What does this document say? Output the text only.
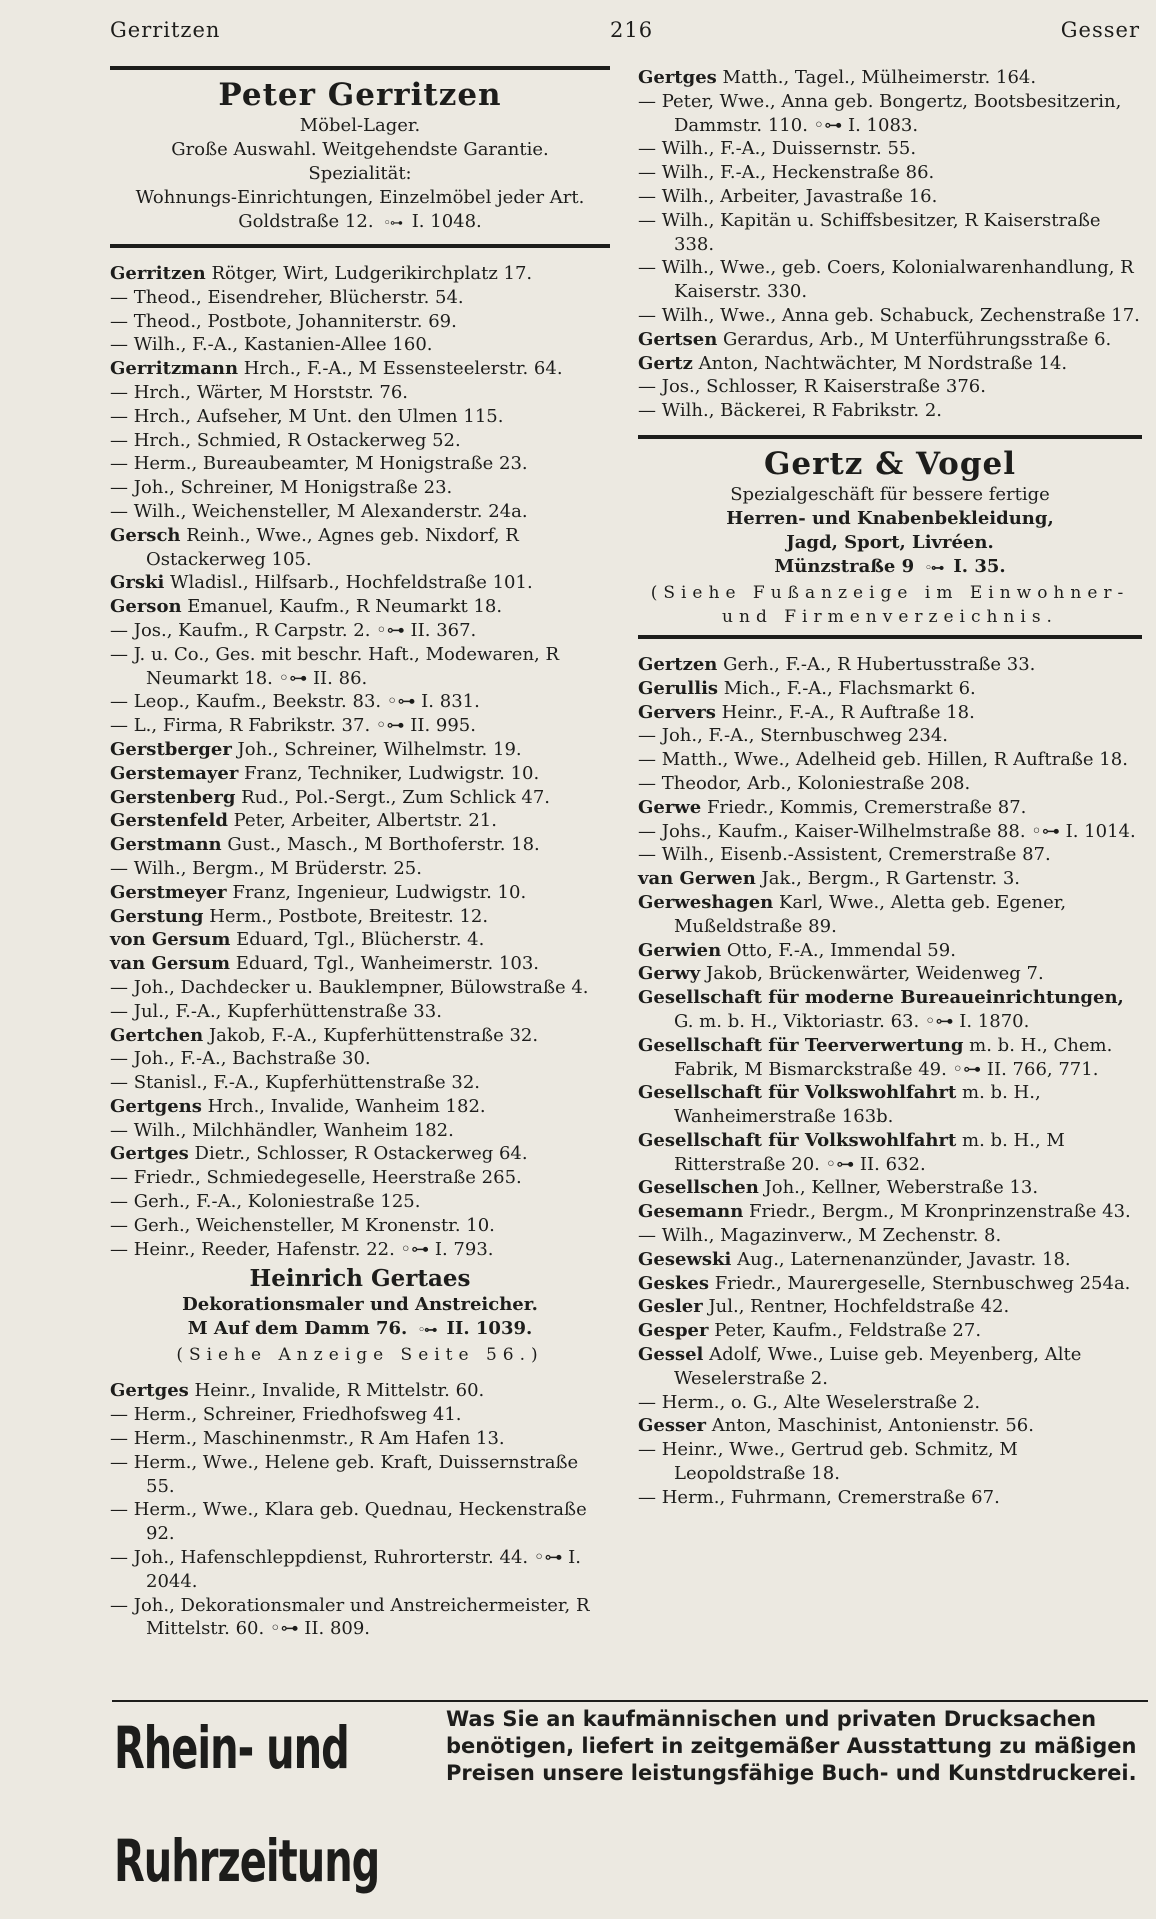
Gerritzen	216	Gesser
Peter Gerritzen
Möbel-Lager.
Große Auswahl. Weitgehendste Garantie.
Spezialität:
Wohnungs-Einrichtungen, Einzelmöbel jeder Art.
Goldstraße 12. ◦⊶ I. 1048.

Gerritzen Rötger, Wirt, Ludgerikirchplatz 17.

— Theod., Eisendreher, Blücherstr. 54.

— Theod., Postbote, Johanniterstr. 69.

— Wilh., F.-A., Kastanien-Allee 160.

Gerritzmann Hrch., F.-A., M Essensteelerstr. 64.

— Hrch., Wärter, M Horststr. 76.

— Hrch., Aufseher, M Unt. den Ulmen 115.

— Hrch., Schmied, R Ostackerweg 52.

— Herm., Bureaubeamter, M Honigstraße 23.

— Joh., Schreiner, M Honigstraße 23.

— Wilh., Weichensteller, M Alexanderstr. 24a.

Gersch Reinh., Wwe., Agnes geb. Nixdorf, R Ostackerweg 105.

Grski Wladisl., Hilfsarb., Hochfeldstraße 101.

Gerson Emanuel, Kaufm., R Neumarkt 18.

— Jos., Kaufm., R Carpstr. 2. ◦⊶ II. 367.

— J. u. Co., Ges. mit beschr. Haft., Modewaren, R Neumarkt 18. ◦⊶ II. 86.

— Leop., Kaufm., Beekstr. 83. ◦⊶ I. 831.

— L., Firma, R Fabrikstr. 37. ◦⊶ II. 995.

Gerstberger Joh., Schreiner, Wilhelmstr. 19.

Gerstemayer Franz, Techniker, Ludwigstr. 10.

Gerstenberg Rud., Pol.-Sergt., Zum Schlick 47.

Gerstenfeld Peter, Arbeiter, Albertstr. 21.

Gerstmann Gust., Masch., M Borthoferstr. 18.

— Wilh., Bergm., M Brüderstr. 25.

Gerstmeyer Franz, Ingenieur, Ludwigstr. 10.

Gerstung Herm., Postbote, Breitestr. 12.

von Gersum Eduard, Tgl., Blücherstr. 4.

van Gersum Eduard, Tgl., Wanheimerstr. 103.

— Joh., Dachdecker u. Bauklempner, Bülowstraße 4.

— Jul., F.-A., Kupferhüttenstraße 33.

Gertchen Jakob, F.-A., Kupferhüttenstraße 32.

— Joh., F.-A., Bachstraße 30.

— Stanisl., F.-A., Kupferhüttenstraße 32.

Gertgens Hrch., Invalide, Wanheim 182.

— Wilh., Milchhändler, Wanheim 182.

Gertges Dietr., Schlosser, R Ostackerweg 64.

— Friedr., Schmiedegeselle, Heerstraße 265.

— Gerh., F.-A., Koloniestraße 125.

— Gerh., Weichensteller, M Kronenstr. 10.

— Heinr., Reeder, Hafenstr. 22. ◦⊶ I. 793.

Heinrich Gertaes
Dekorationsmaler und Anstreicher.
M Auf dem Damm 76. ◦⊶ II. 1039.
(Siehe Anzeige Seite 56.)

Gertges Heinr., Invalide, R Mittelstr. 60.

— Herm., Schreiner, Friedhofsweg 41.

— Herm., Maschinenmstr., R Am Hafen 13.

— Herm., Wwe., Helene geb. Kraft, Duissernstraße 55.

— Herm., Wwe., Klara geb. Quednau, Heckenstraße 92.

— Joh., Hafenschleppdienst, Ruhrorterstr. 44. ◦⊶ I. 2044.

— Joh., Dekorationsmaler und Anstreichermeister, R Mittelstr. 60. ◦⊶ II. 809.

Gertges Matth., Tagel., Mülheimerstr. 164.

— Peter, Wwe., Anna geb. Bongertz, Bootsbesitzerin, Dammstr. 110. ◦⊶ I. 1083.

— Wilh., F.-A., Duissernstr. 55.

— Wilh., F.-A., Heckenstraße 86.

— Wilh., Arbeiter, Javastraße 16.

— Wilh., Kapitän u. Schiffsbesitzer, R Kaiserstraße 338.

— Wilh., Wwe., geb. Coers, Kolonialwarenhandlung, R Kaiserstr. 330.

— Wilh., Wwe., Anna geb. Schabuck, Zechenstraße 17.

Gertsen Gerardus, Arb., M Unterführungsstraße 6.

Gertz Anton, Nachtwächter, M Nordstraße 14.

— Jos., Schlosser, R Kaiserstraße 376.

— Wilh., Bäckerei, R Fabrikstr. 2.

Gertz & Vogel
Spezialgeschäft für bessere fertige
Herren- und Knabenbekleidung,
Jagd, Sport, Livréen.
Münzstraße 9 ◦⊶ I. 35.
(Siehe Fußanzeige im Einwohner-
und Firmenverzeichnis.

Gertzen Gerh., F.-A., R Hubertusstraße 33.

Gerullis Mich., F.-A., Flachsmarkt 6.

Gervers Heinr., F.-A., R Auftraße 18.

— Joh., F.-A., Sternbuschweg 234.

— Matth., Wwe., Adelheid geb. Hillen, R Auftraße 18.

— Theodor, Arb., Koloniestraße 208.

Gerwe Friedr., Kommis, Cremerstraße 87.

— Johs., Kaufm., Kaiser-Wilhelmstraße 88. ◦⊶ I. 1014.

— Wilh., Eisenb.-Assistent, Cremerstraße 87.

van Gerwen Jak., Bergm., R Gartenstr. 3.

Gerweshagen Karl, Wwe., Aletta geb. Egener, Mußeldstraße 89.

Gerwien Otto, F.-A., Immendal 59.

Gerwy Jakob, Brückenwärter, Weidenweg 7.

Gesellschaft für moderne Bureaueinrichtungen, G. m. b. H., Viktoriastr. 63. ◦⊶ I. 1870.

Gesellschaft für Teerverwertung m. b. H., Chem. Fabrik, M Bismarckstraße 49. ◦⊶ II. 766, 771.

Gesellschaft für Volkswohlfahrt m. b. H., Wanheimerstraße 163b.

Gesellschaft für Volkswohlfahrt m. b. H., M Ritterstraße 20. ◦⊶ II. 632.

Gesellschen Joh., Kellner, Weberstraße 13.

Gesemann Friedr., Bergm., M Kronprinzenstraße 43.

— Wilh., Magazinverw., M Zechenstr. 8.

Gesewski Aug., Laternenanzünder, Javastr. 18.

Geskes Friedr., Maurergeselle, Sternbuschweg 254a.

Gesler Jul., Rentner, Hochfeldstraße 42.

Gesper Peter, Kaufm., Feldstraße 27.

Gessel Adolf, Wwe., Luise geb. Meyenberg, Alte Weselerstraße 2.

— Herm., o. G., Alte Weselerstraße 2.

Gesser Anton, Maschinist, Antonienstr. 56.

— Heinr., Wwe., Gertrud geb. Schmitz, M Leopoldstraße 18.

— Herm., Fuhrmann, Cremerstraße 67.

Rhein- und Ruhrzeitung
Was Sie an kaufmännischen und privaten Drucksachen benötigen, liefert in zeitgemäßer Ausstattung zu mäßigen Preisen unsere leistungsfähige Buch- und Kunstdruckerei.
